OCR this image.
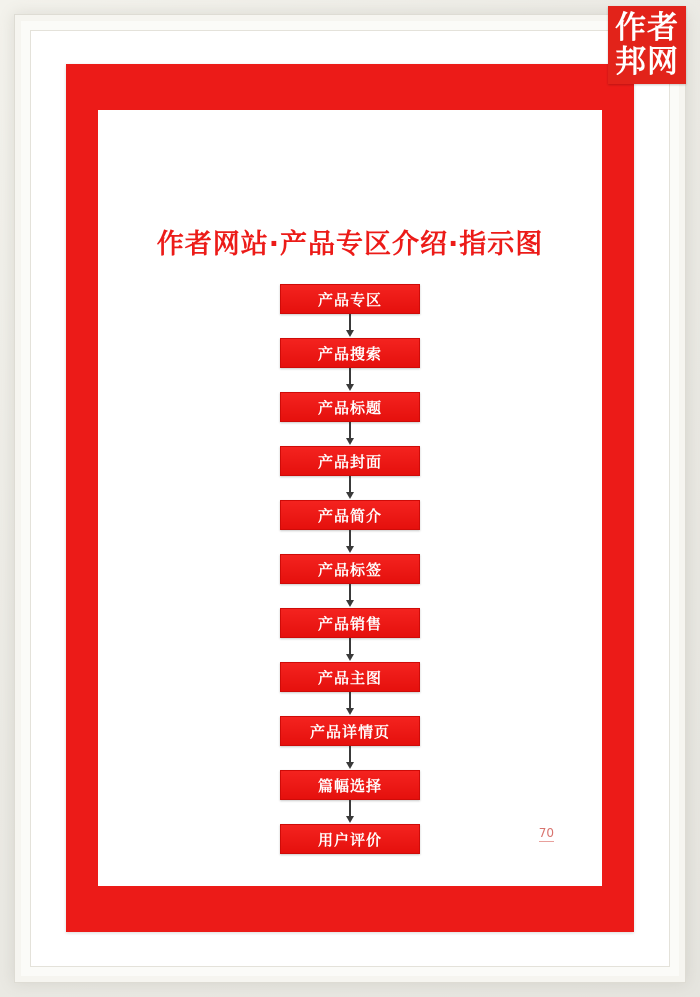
作者
邦网
作者网站·产品专区介绍·指示图
产品专区
产品搜索
产品标题
产品封面
产品简介
产品标签
产品销售
产品主图
产品详情页
篇幅选择
用户评价	70
